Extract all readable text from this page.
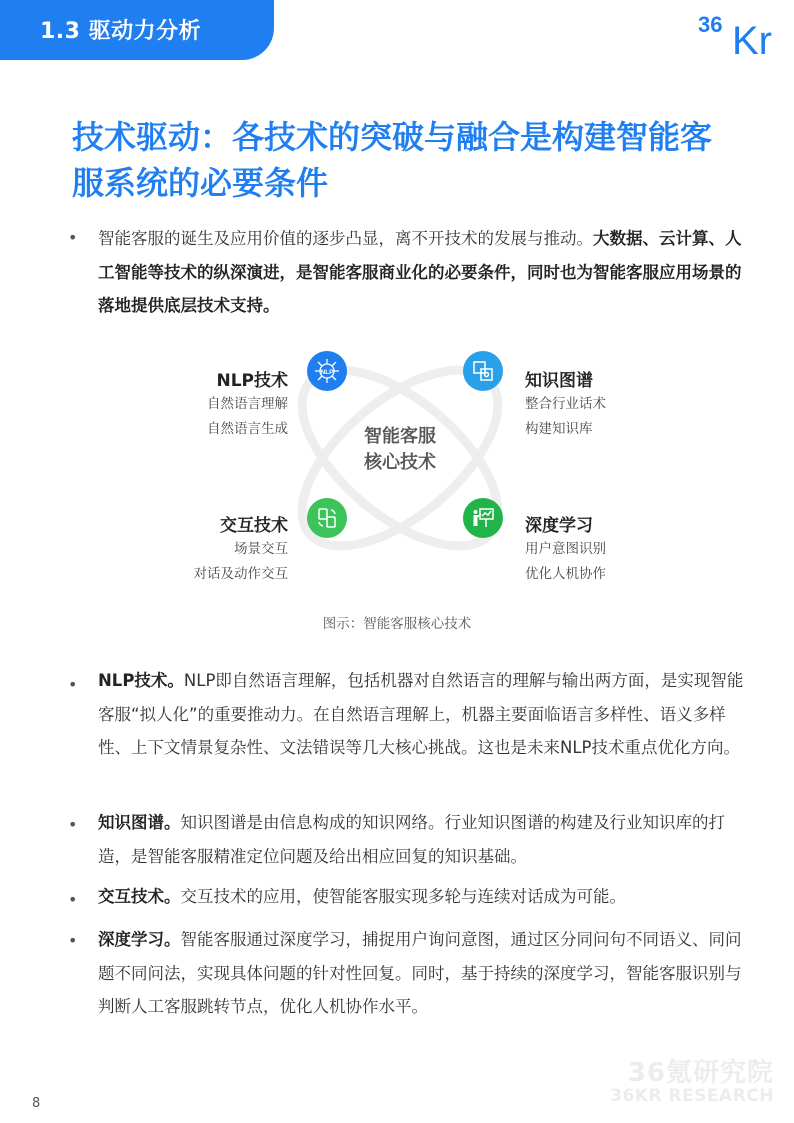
1.3 驱动力分析	36 Kr
技术驱动：各技术的突破与融合是构建智能客服系统的必要条件
• 智能客服的诞生及应用价值的逐步凸显，离不开技术的发展与推动。大数据、云计算、人工智能等技术的纵深演进，是智能客服商业化的必要条件，同时也为智能客服应用场景的落地提供底层技术支持。
智能客服
核心技术
NLP技术
自然语言理解
自然语言生成
NLP	知识图谱
整合行业话术
构建知识库
交互技术
场景交互
对话及动作交互
深度学习
用户意图识别
优化人机协作
图示：智能客服核心技术
• NLP技术。NLP即自然语言理解，包括机器对自然语言的理解与输出两方面，是实现智能客服“拟人化”的重要推动力。在自然语言理解上，机器主要面临语言多样性、语义多样性、上下文情景复杂性、文法错误等几大核心挑战。这也是未来NLP技术重点优化方向。
• 知识图谱。知识图谱是由信息构成的知识网络。行业知识图谱的构建及行业知识库的打造，是智能客服精准定位问题及给出相应回复的知识基础。
• 交互技术。交互技术的应用，使智能客服实现多轮与连续对话成为可能。
• 深度学习。智能客服通过深度学习，捕捉用户询问意图，通过区分同问句不同语义、同问题不同问法，实现具体问题的针对性回复。同时，基于持续的深度学习，智能客服识别与判断人工客服跳转节点，优化人机协作水平。
36氪研究院
36KR RESEARCH
8
